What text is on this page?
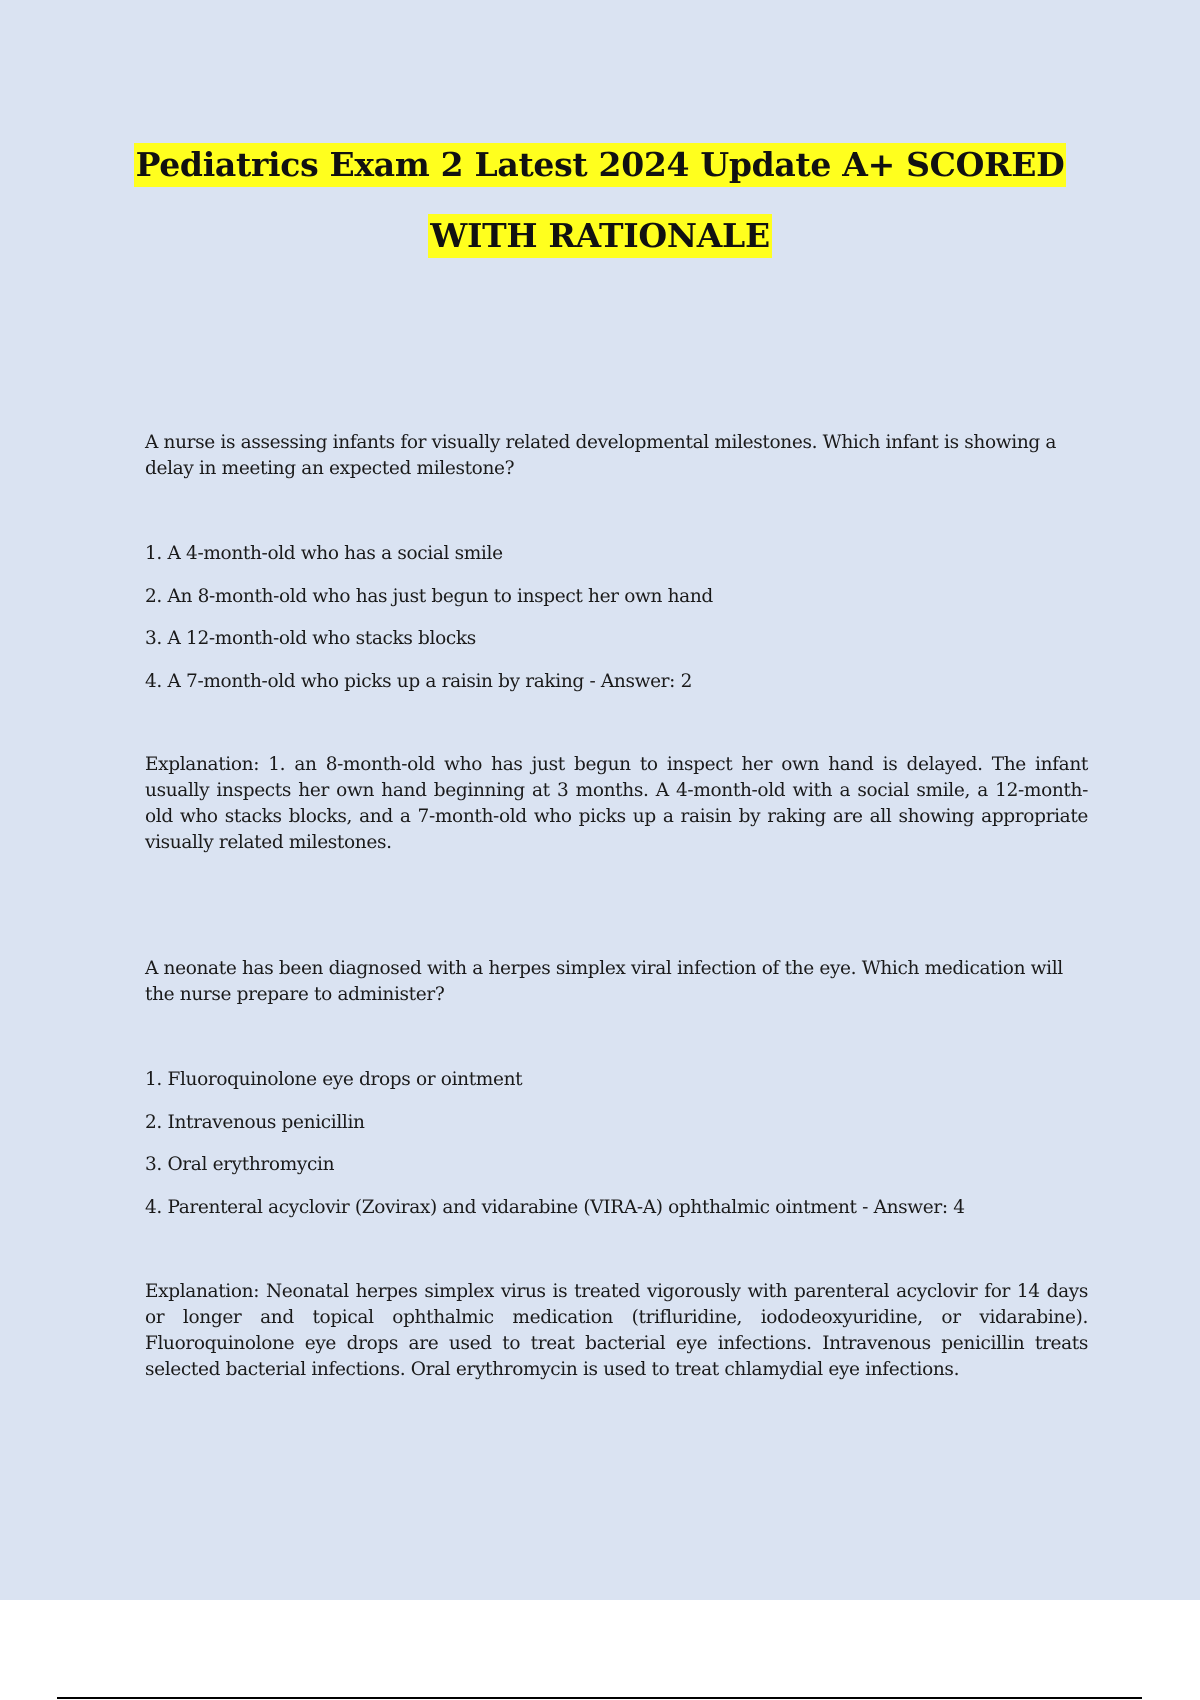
Pediatrics Exam 2 Latest 2024 Update A+ SCORED
WITH RATIONALE

A nurse is assessing infants for visually related developmental milestones. Which infant is showing a delay in meeting an expected milestone?

1. A 4-month-old who has a social smile
2. An 8-month-old who has just begun to inspect her own hand
3. A 12-month-old who stacks blocks
4. A 7-month-old who picks up a raisin by raking - Answer: 2

Explanation: 1. an 8-month-old who has just begun to inspect her own hand is delayed. The infant usually inspects her own hand beginning at 3 months. A 4-month-old with a social smile, a 12-month-old who stacks blocks, and a 7-month-old who picks up a raisin by raking are all showing appropriate visually related milestones.

A neonate has been diagnosed with a herpes simplex viral infection of the eye. Which medication will the nurse prepare to administer?

1. Fluoroquinolone eye drops or ointment
2. Intravenous penicillin
3. Oral erythromycin
4. Parenteral acyclovir (Zovirax) and vidarabine (VIRA-A) ophthalmic ointment - Answer: 4

Explanation: Neonatal herpes simplex virus is treated vigorously with parenteral acyclovir for 14 days or longer and topical ophthalmic medication (trifluridine, iododeoxyuridine, or vidarabine). Fluoroquinolone eye drops are used to treat bacterial eye infections. Intravenous penicillin treats selected bacterial infections. Oral erythromycin is used to treat chlamydial eye infections.
